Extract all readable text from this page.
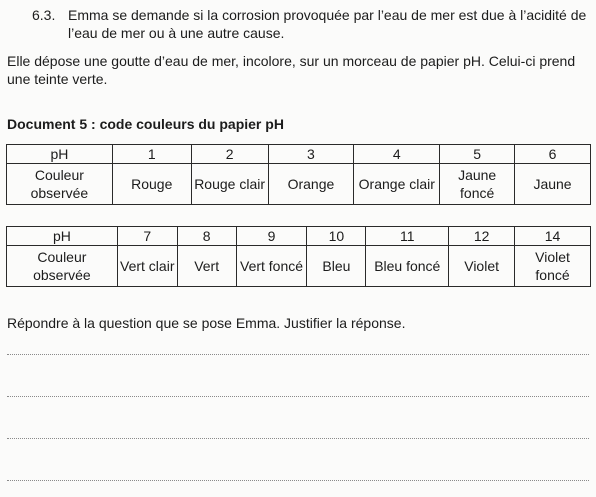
6.3. Emma se demande si la corrosion provoquée par l’eau de mer est due à l’acidité de l’eau de mer ou à une autre cause.
Elle dépose une goutte d’eau de mer, incolore, sur un morceau de papier pH. Celui-ci prend une teinte verte.
Document 5 : code couleurs du papier pH
pH	1	2	3	4	5	6
Couleur observée	Rouge	Rouge clair	Orange	Orange clair	Jaune foncé	Jaune
pH	7	8	9	10	11	12	14
Couleur observée	Vert clair	Vert	Vert foncé	Bleu	Bleu foncé	Violet	Violet foncé
Répondre à la question que se pose Emma. Justifier la réponse.
